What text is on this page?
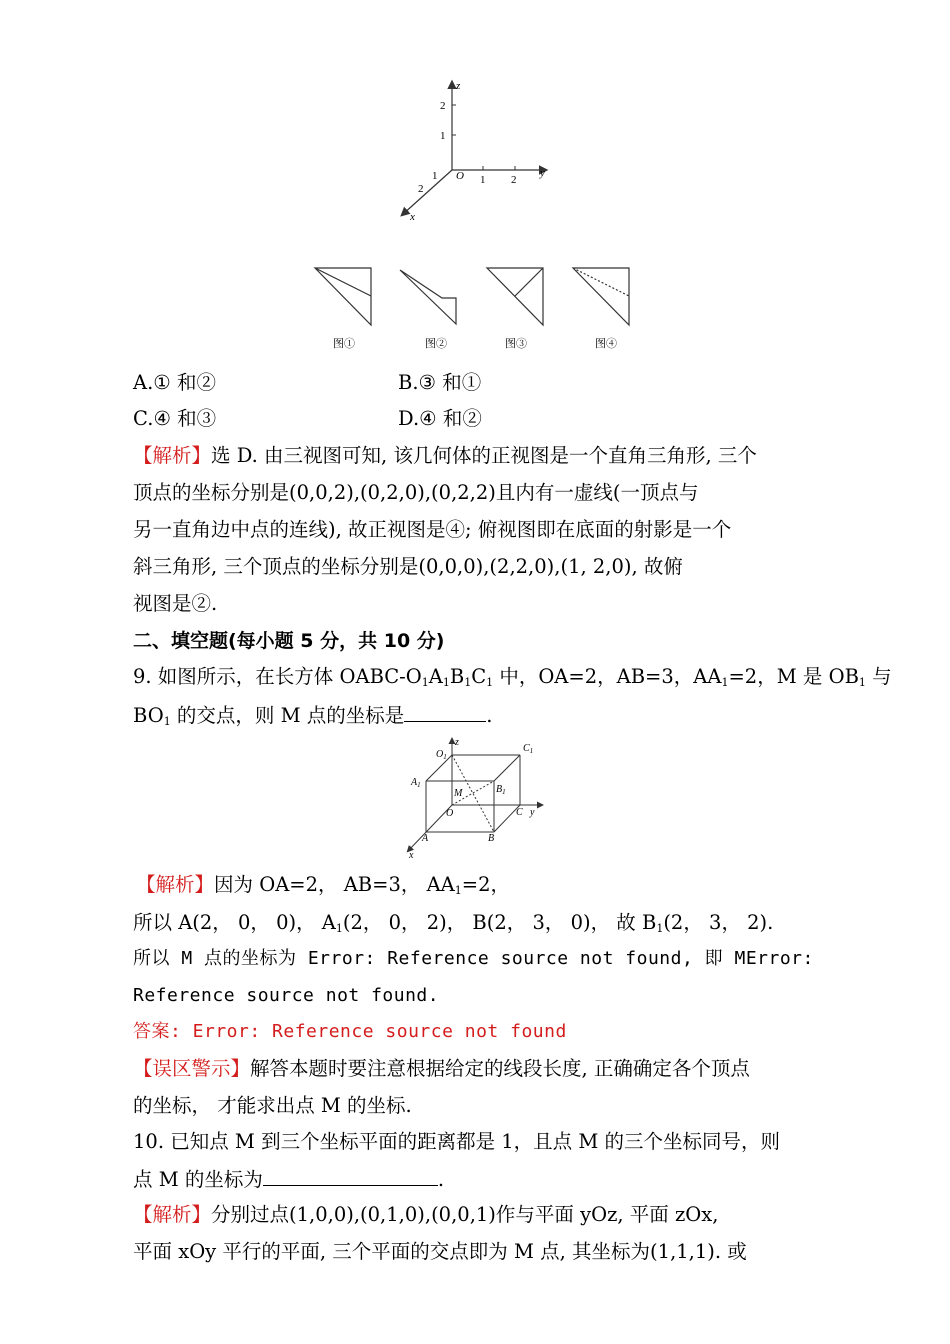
z
2
1
O 1 2
y
1
2
x
图①	图②	图③	图④
A.① 和②	B.③ 和①
C.④ 和③	D.④ 和②
【解析】选 D. 由三视图可知, 该几何体的正视图是一个直角三角形, 三个
顶点的坐标分别是(0,0,2),(0,2,0),(0,2,2)且内有一虚线(一顶点与
另一直角边中点的连线), 故正视图是④; 俯视图即在底面的射影是一个
斜三角形, 三个顶点的坐标分别是(0,0,0),(2,2,0),(1, 2,0), 故俯
视图是②.
二、填空题(每小题 5 分，共 10 分)
9. 如图所示，在长方体 OABC-$O_1A_1B_1C_1$ 中，OA=2，AB=3，$AA_1=2$，M 是 $OB_1$ 与
$BO_1$ 的交点，则 M 点的坐标是	.
z
$O_1$
$C_1$
$A_1$
M	$B_1$
O	C y
A	B
x
【解析】因为 OA=2， AB=3， $AA_1=2$，
所以 A(2， 0， 0)， $A_1(2$， 0， 2)， B(2， 3， 0)， 故 $B_1(2$， 3， 2).
所以 M 点的坐标为 Error: Reference source not found, 即 MError:
Reference source not found.
答案: Error: Reference source not found
【误区警示】解答本题时要注意根据给定的线段长度, 正确确定各个顶点
的坐标， 才能求出点 M 的坐标.
10. 已知点 M 到三个坐标平面的距离都是 1，且点 M 的三个坐标同号，则
点 M 的坐标为	.
【解析】分别过点(1,0,0),(0,1,0),(0,0,1)作与平面 yOz, 平面 zOx,
平面 xOy 平行的平面, 三个平面的交点即为 M 点, 其坐标为(1,1,1). 或
